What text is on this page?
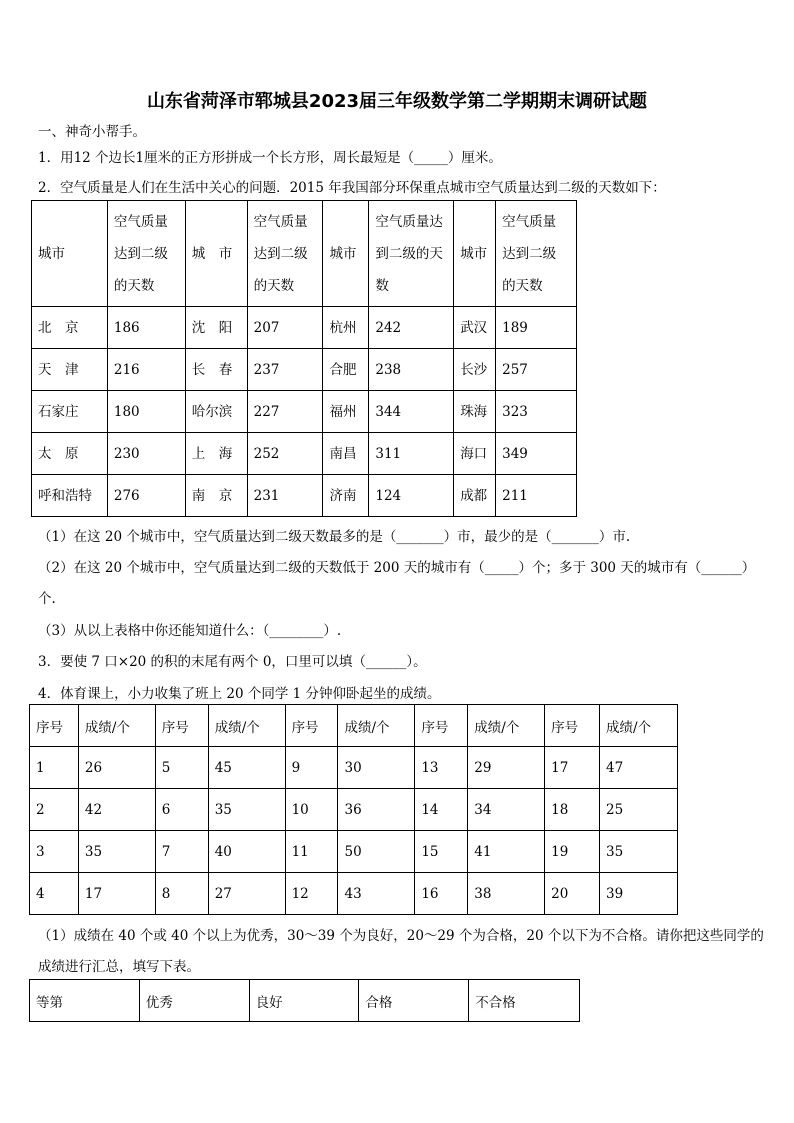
山东省菏泽市郓城县2023届三年级数学第二学期期末调研试题
一、神奇小帮手。
1．用12 个边长1厘米的正方形拼成一个长方形，周长最短是（_____）厘米。
2．空气质量是人们在生活中关心的问题．2015 年我国部分环保重点城市空气质量达到二级的天数如下：
城市	空气质量
达到二级
的天数	城　市	空气质量
达到二级
的天数	城市	空气质量达
到二级的天
数	城市	空气质量
达到二级
的天数
北　京	186	沈　阳	207	杭州	242	武汉	189
天　津	216	长　春	237	合肥	238	长沙	257
石家庄	180	哈尔滨	227	福州	344	珠海	323
太　原	230	上　海	252	南昌	311	海口	349
呼和浩特	276	南　京	231	济南	124	成都	211
（1）在这 20 个城市中，空气质量达到二级天数最多的是（_______）市，最少的是（_______）市.
（2）在这 20 个城市中，空气质量达到二级的天数低于 200 天的城市有（_____）个；多于 300 天的城市有（______）
个.
（3）从以上表格中你还能知道什么：（________）.
3．要使 7 口×20 的积的末尾有两个 0，口里可以填（______）。
4．体育课上，小力收集了班上 20 个同学 1 分钟仰卧起坐的成绩。
序号	成绩/个	序号	成绩/个	序号	成绩/个	序号	成绩/个	序号	成绩/个
1	26	5	45	9	30	13	29	17	47
2	42	6	35	10	36	14	34	18	25
3	35	7	40	11	50	15	41	19	35
4	17	8	27	12	43	16	38	20	39
（1）成绩在 40 个或 40 个以上为优秀，30～39 个为良好，20～29 个为合格，20 个以下为不合格。请你把这些同学的
成绩进行汇总，填写下表。
等第	优秀	良好	合格	不合格
